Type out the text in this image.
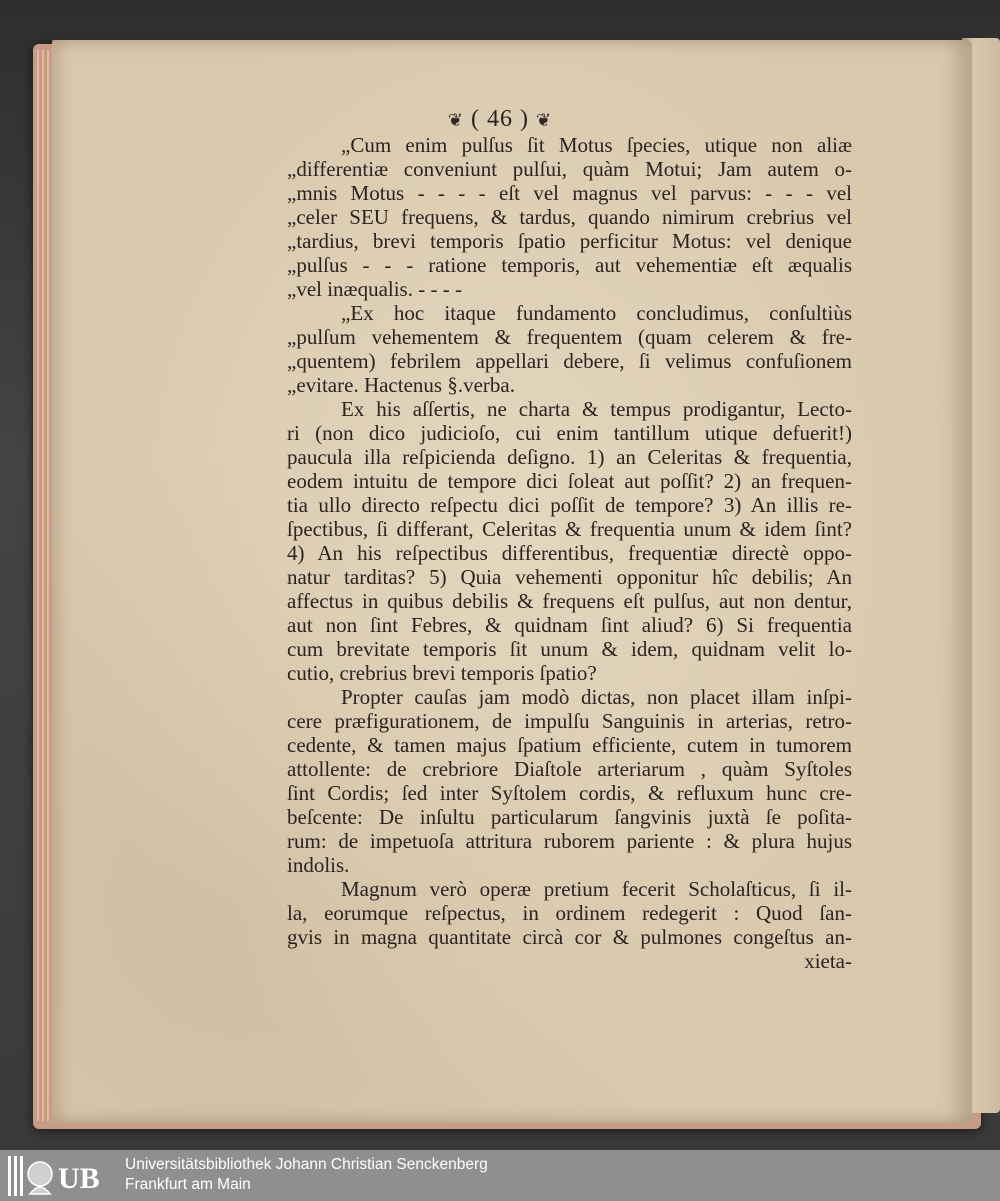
❦ ( 46 ) ❦
„Cum enim pulſus ſit Motus ſpecies, utique non aliæ
„differentiæ conveniunt pulſui, quàm Motui; Jam autem o-
„mnis Motus - - - - eſt vel magnus vel parvus: - - - vel
„celer SEU frequens, & tardus, quando nimirum crebrius vel
„tardius, brevi temporis ſpatio perficitur Motus: vel denique
„pulſus - - - ratione temporis, aut vehementiæ eſt æqualis
„vel inæqualis. - - - -
„Ex hoc itaque fundamento concludimus, conſultiùs
„pulſum vehementem & frequentem (quam celerem & fre-
„quentem) febrilem appellari debere, ſi velimus confuſionem
„evitare. Hactenus §.verba.
Ex his aſſertis, ne charta & tempus prodigantur, Lecto-
ri (non dico judicioſo, cui enim tantillum utique defuerit!)
paucula illa reſpicienda deſigno. 1) an Celeritas & frequentia,
eodem intuitu de tempore dici ſoleat aut poſſit? 2) an frequen-
tia ullo directo reſpectu dici poſſit de tempore? 3) An illis re-
ſpectibus, ſi differant, Celeritas & frequentia unum & idem ſint?
4) An his reſpectibus differentibus, frequentiæ directè oppo-
natur tarditas? 5) Quia vehementi opponitur hîc debilis; An
affectus in quibus debilis & frequens eſt pulſus, aut non dentur,
aut non ſint Febres, & quidnam ſint aliud? 6) Si frequentia
cum brevitate temporis ſit unum & idem, quidnam velit lo-
cutio, crebrius brevi temporis ſpatio?
Propter cauſas jam modò dictas, non placet illam inſpi-
cere præfigurationem, de impulſu Sanguinis in arterias, retro-
cedente, & tamen majus ſpatium efficiente, cutem in tumorem
attollente: de crebriore Diaſtole arteriarum , quàm Syſtoles
ſint Cordis; ſed inter Syſtolem cordis, & refluxum hunc cre-
beſcente: De inſultu particularum ſangvinis juxtà ſe poſita-
rum: de impetuoſa attritura ruborem pariente : & plura hujus
indolis.
Magnum verò operæ pretium fecerit Scholaſticus, ſi il-
la, eorumque reſpectus, in ordinem redegerit : Quod ſan-
gvis in magna quantitate circà cor & pulmones congeſtus an-
xieta-
UB Universitätsbibliothek Johann Christian Senckenberg
Frankfurt am Main
